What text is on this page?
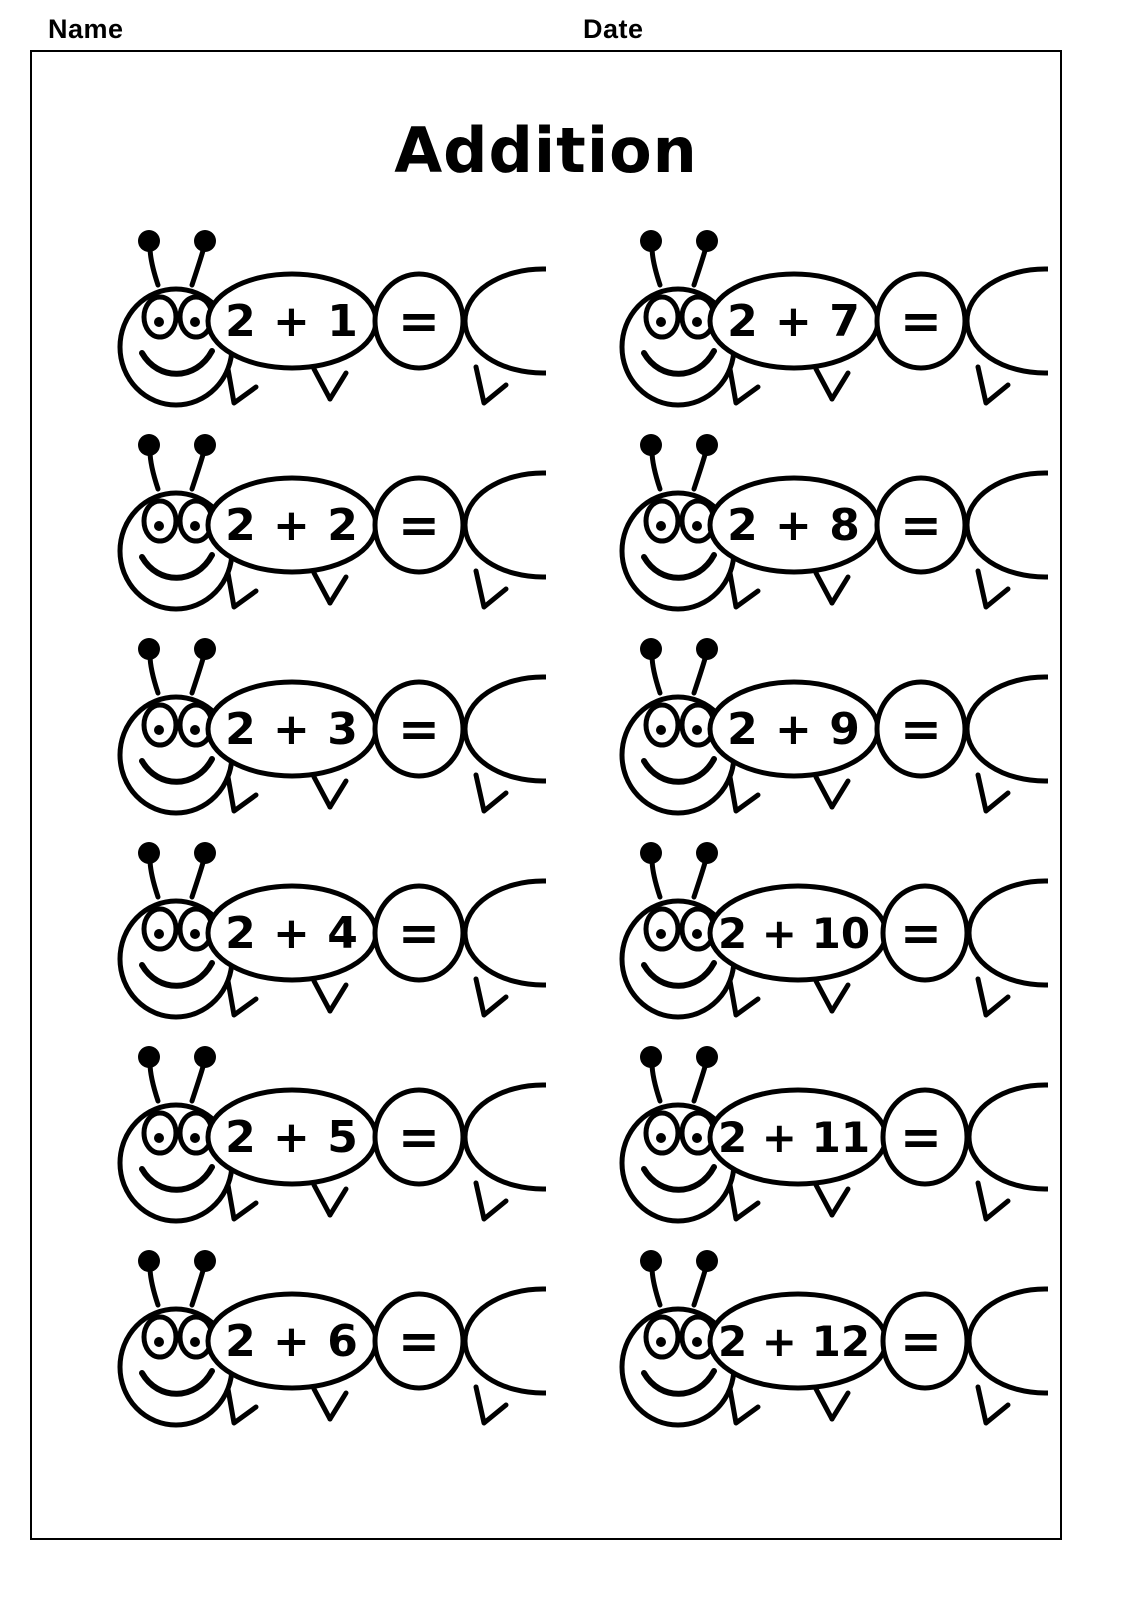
Name	Date
Addition
2 + 1 =	2 + 7 =
2 + 2 =	2 + 8 =
2 + 3 =	2 + 9 =
2 + 4 =	2 + 10 =
2 + 5 =	2 + 11 =
2 + 6 =	2 + 12 =
